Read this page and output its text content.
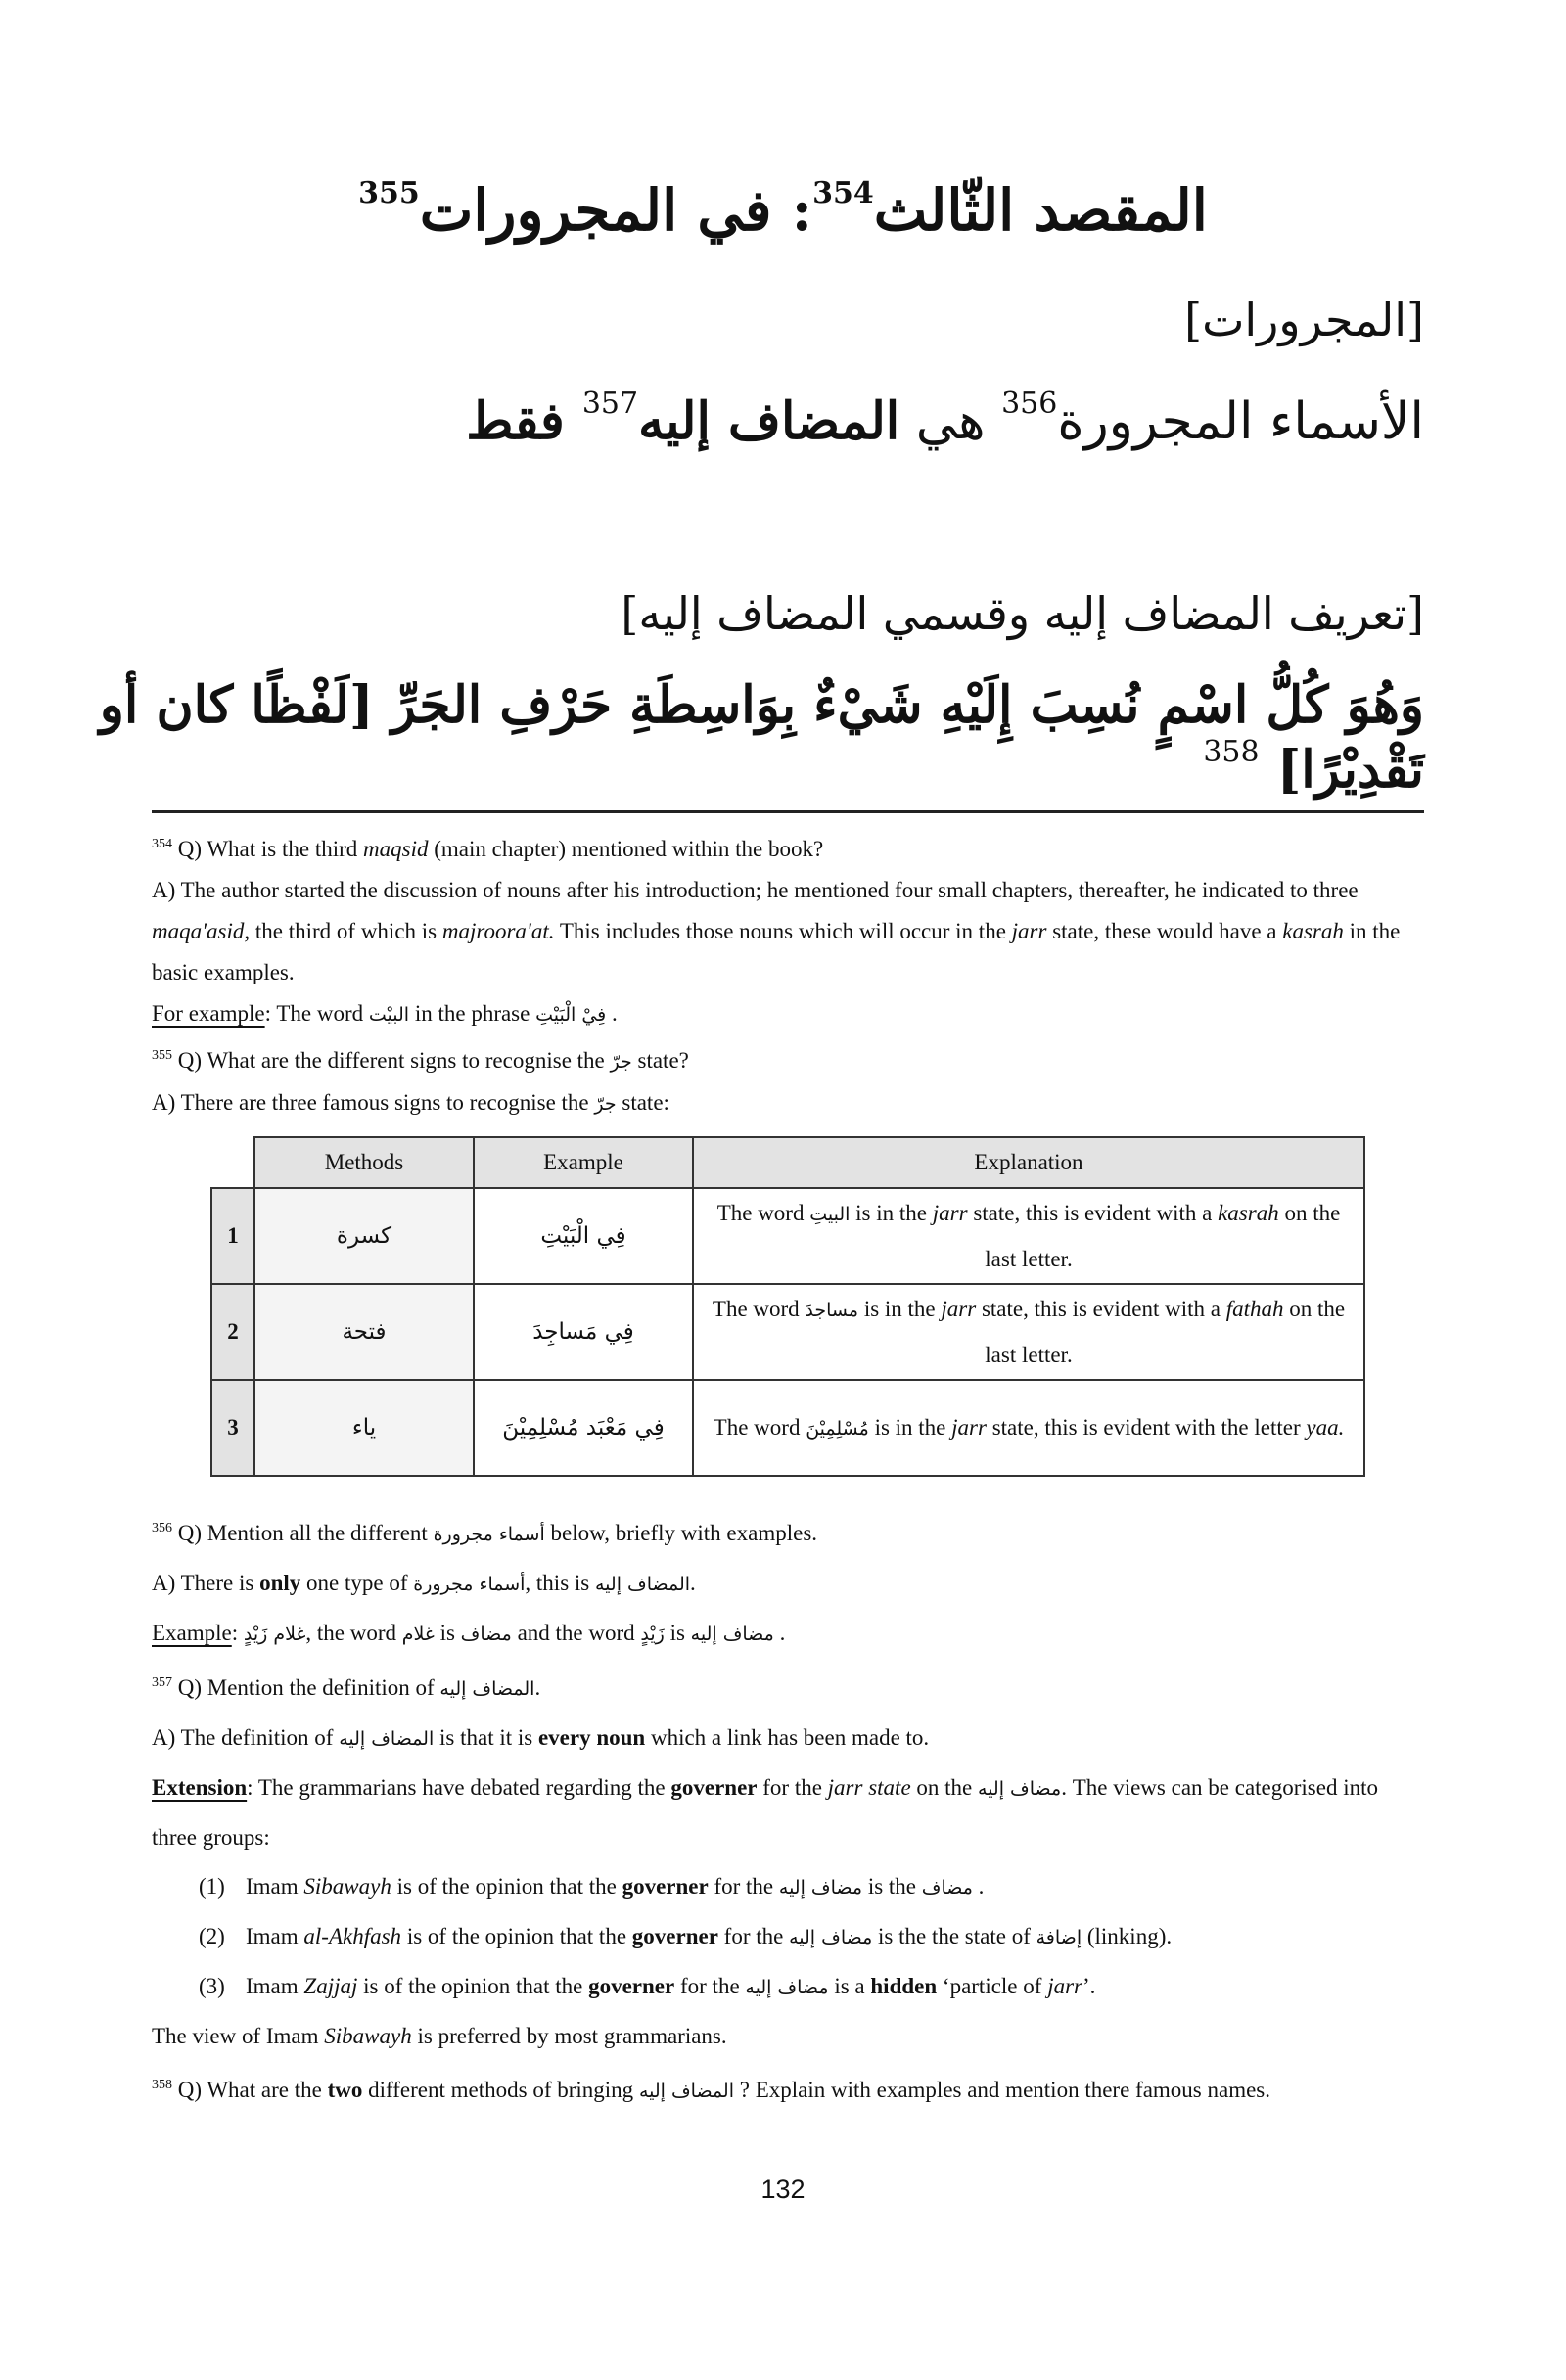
المقصد الثّالث$^{354}$: في المجرورات$^{355}$
[المجرورات]
الأسماء المجرورة$^{356}$ هي المضاف إليه$^{357}$ فقط
[تعريف المضاف إليه وقسمي المضاف إليه]
وَهُوَ كُلُّ اسْمٍ نُسِبَ إِلَيْهِ شَيْءٌ بِوَاسِطَةِ حَرْفِ الجَرِّ [لَفْظًا كان أو تَقْدِيْرًا] $^{358}$

$^{354}$ Q) What is the third maqsid (main chapter) mentioned within the book?

A) The author started the discussion of nouns after his introduction; he mentioned four small chapters, thereafter, he indicated to three maqa'asid, the third of which is majroora'at. This includes those nouns which will occur in the jarr state, these would have a kasrah in the basic examples.

For example: The word البيْت in the phrase فِيْ الْبَيْتِ .

$^{355}$ Q) What are the different signs to recognise the جرّ state?

A) There are three famous signs to recognise the جرّ state:

	Methods	Example	Explanation
1	كسرة	فِي الْبَيْتِ	The word البيتِ is in the jarr state, this is evident with a kasrah on the last letter.
2	فتحة	فِي مَساجِدَ	The word مساجدَ is in the jarr state, this is evident with a fathah on the last letter.
3	ياء	فِي مَعْبَد مُسْلِمِيْنَ	The word مُسْلِمِيْنَ is in the jarr state, this is evident with the letter yaa.

$^{356}$ Q) Mention all the different أسماء مجرورة below, briefly with examples.

A) There is only one type of أسماء مجرورة, this is المضاف إليه.

Example: غلام زَيْدٍ, the word غلام is مضاف and the word زَيْدٍ is مضاف إليه .

$^{357}$ Q) Mention the definition of المضاف إليه.

A) The definition of المضاف إليه is that it is every noun which a link has been made to.

Extension: The grammarians have debated regarding the governer for the jarr state on the مضاف إليه. The views can be categorised into three groups:

(1) Imam Sibawayh is of the opinion that the governer for the مضاف إليه is the مضاف .

(2) Imam al-Akhfash is of the opinion that the governer for the مضاف إليه is the the state of إضافة (linking).

(3) Imam Zajjaj is of the opinion that the governer for the مضاف إليه is a hidden ‘particle of jarr’.

The view of Imam Sibawayh is preferred by most grammarians.

$^{358}$ Q) What are the two different methods of bringing المضاف إليه ? Explain with examples and mention there famous names.

132
